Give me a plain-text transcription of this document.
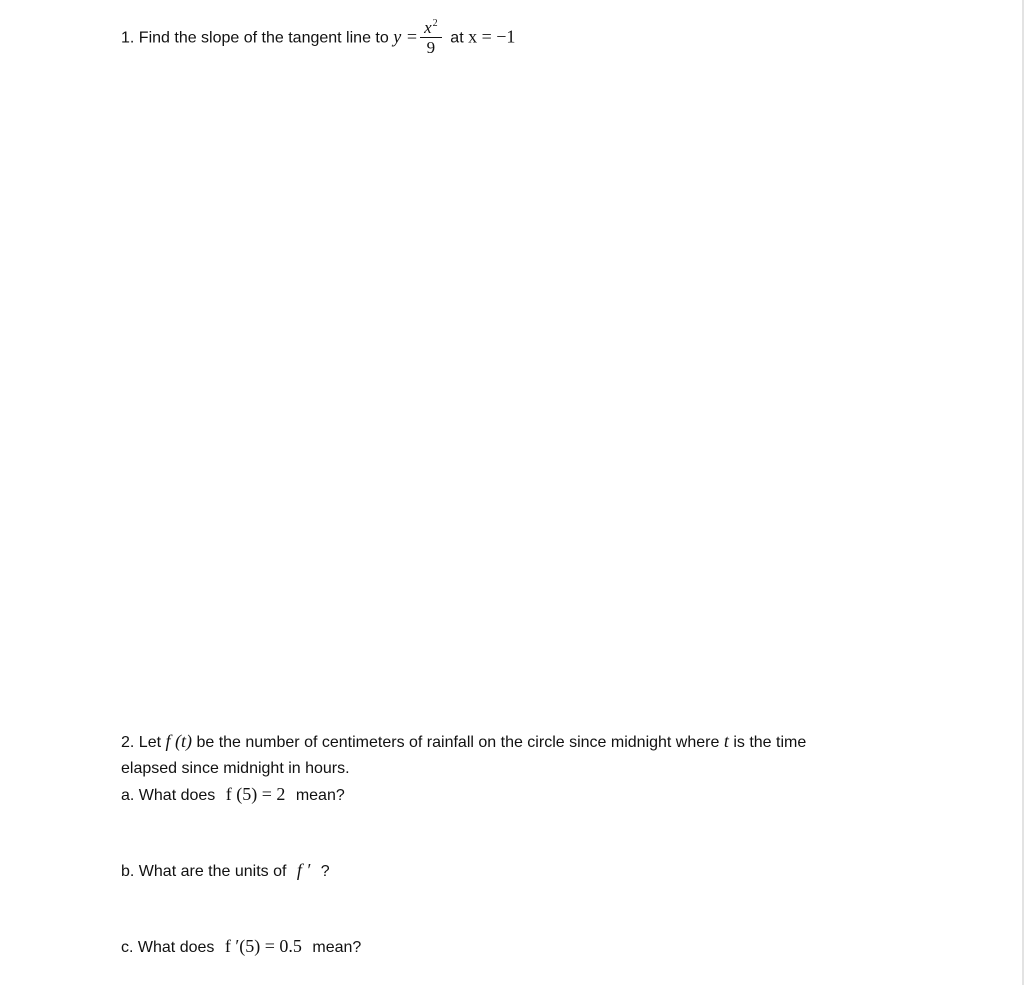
1. Find the slope of the tangent line to $y = \frac{x^2}{9}$ at x = −1
2. Let f (t) be the number of centimeters of rainfall on the circle since midnight where t is the time
elapsed since midnight in hours.
a. What does f (5) = 2 mean?
b. What are the units of f ′ ?
c. What does f ′(5) = 0.5 mean?
